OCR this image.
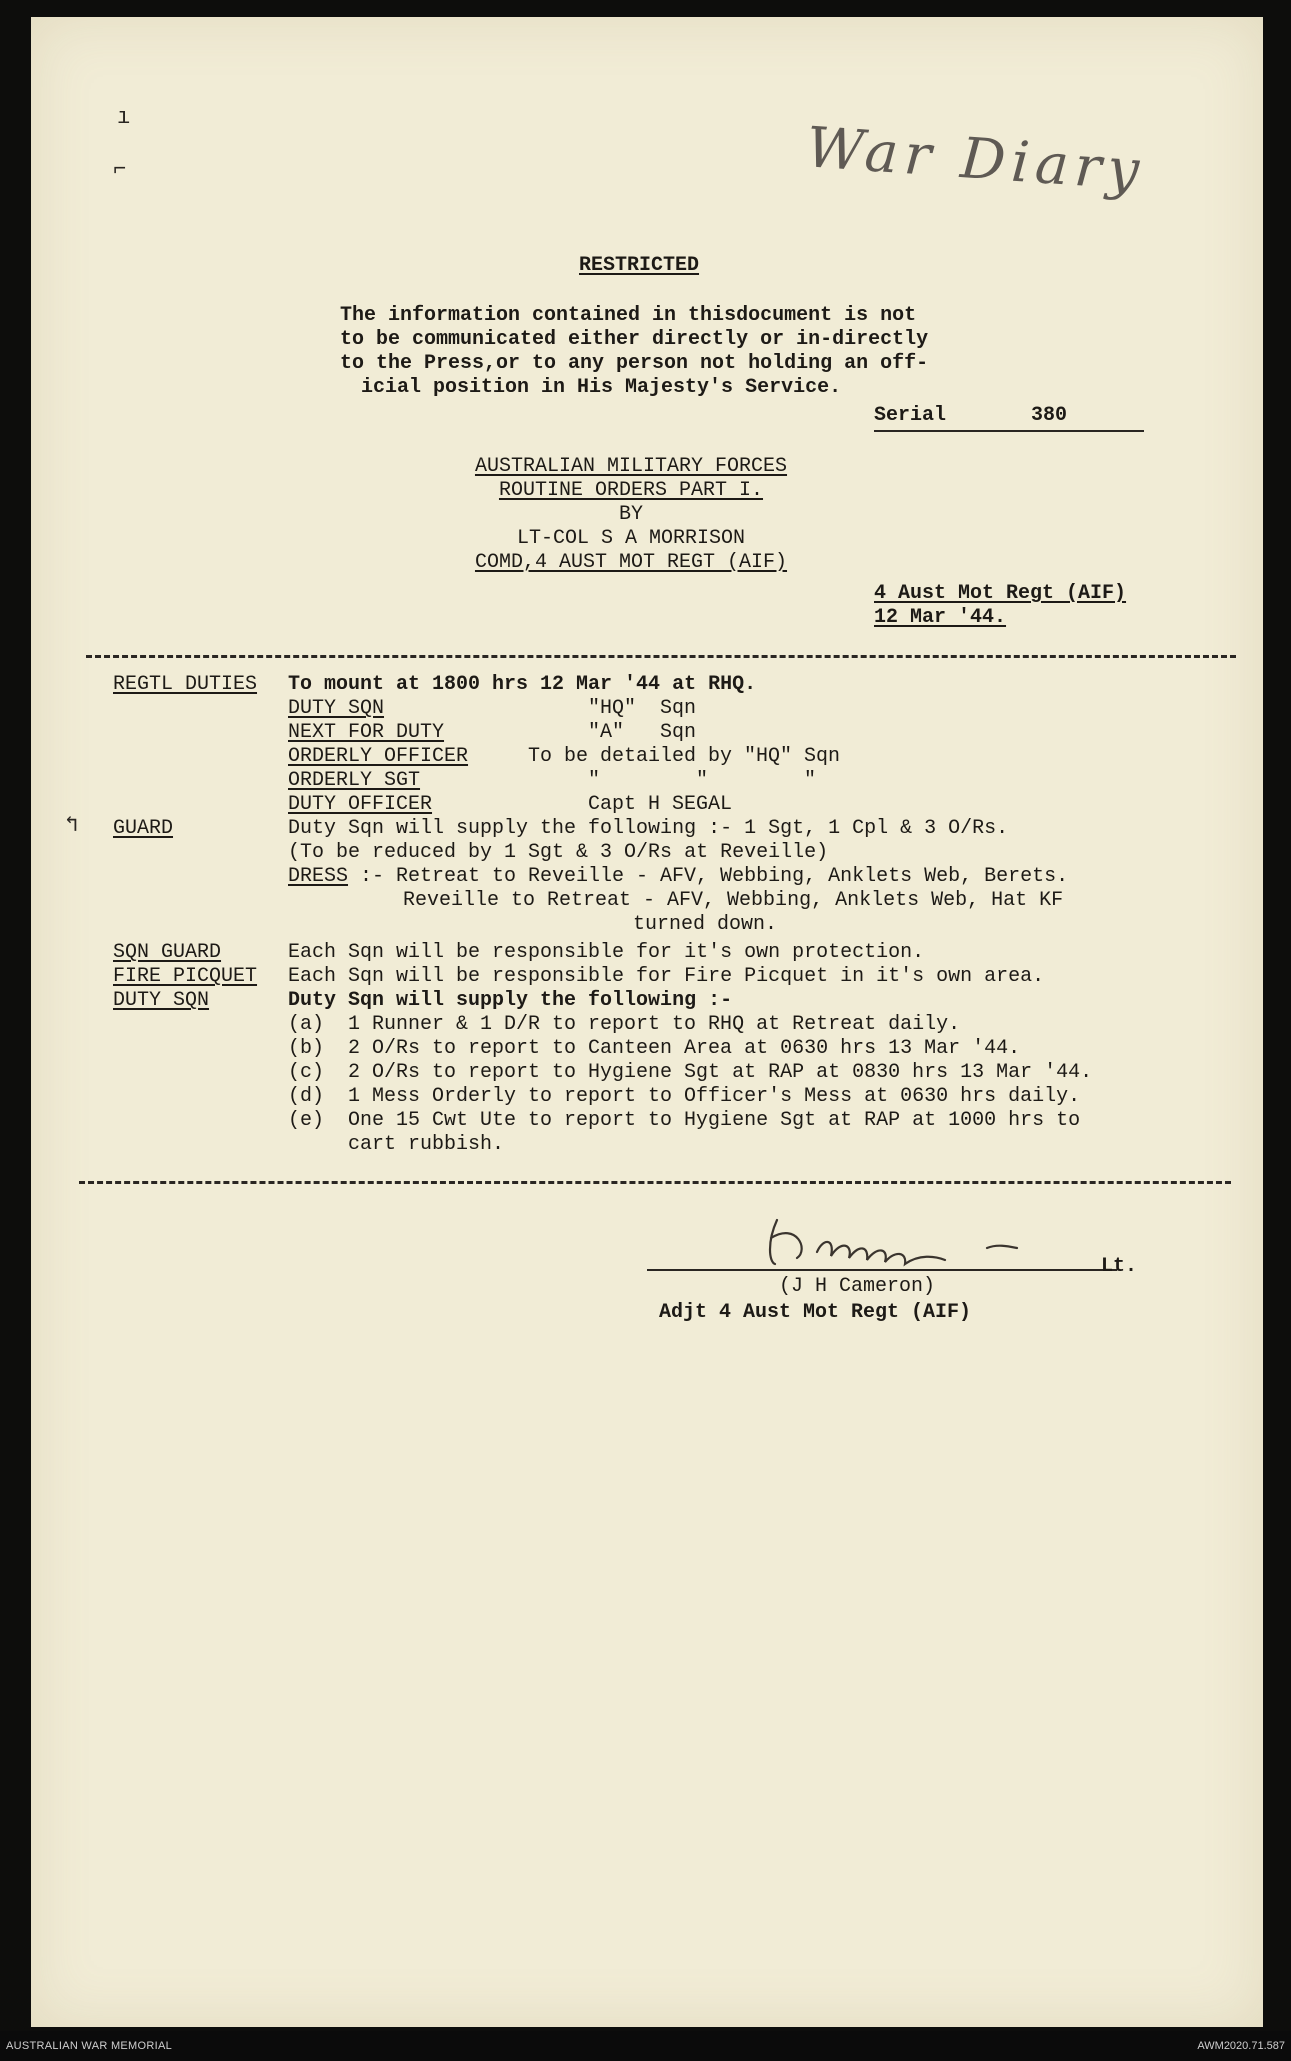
War Diary
ı
⌐
RESTRICTED
The information contained in thisdocument is not
to be communicated either directly or in-directly
to the Press,or to any person not holding an off-
icial position in His Majesty's Service.
Serial	380
AUSTRALIAN MILITARY FORCES
ROUTINE ORDERS PART I.
BY
LT-COL S A MORRISON
COMD,4 AUST MOT REGT (AIF)
4 Aust Mot Regt (AIF)
12 Mar '44.
REGTL DUTIES To mount at 1800 hrs 12 Mar '44 at RHQ.
DUTY SQN	"HQ"  Sqn
NEXT FOR DUTY	"A"   Sqn
ORDERLY OFFICER	To be detailed by "HQ" Sqn
ORDERLY SGT	"        "        "
DUTY OFFICER	Capt H SEGAL
↰ GUARD	Duty Sqn will supply the following :- 1 Sgt, 1 Cpl & 3 O/Rs.
(To be reduced by 1 Sgt & 3 O/Rs at Reveille)
DRESS :- Retreat to Reveille - AFV, Webbing, Anklets Web, Berets.
Reveille to Retreat - AFV, Webbing, Anklets Web, Hat KF
turned down.
SQN GUARD	Each Sqn will be responsible for it's own protection.
FIRE PICQUET Each Sqn will be responsible for Fire Picquet in it's own area.
DUTY SQN	Duty Sqn will supply the following :-
(a) 1 Runner & 1 D/R to report to RHQ at Retreat daily.
(b) 2 O/Rs to report to Canteen Area at 0630 hrs 13 Mar '44.
(c) 2 O/Rs to report to Hygiene Sgt at RAP at 0830 hrs 13 Mar '44.
(d) 1 Mess Orderly to report to Officer's Mess at 0630 hrs daily.
(e) One 15 Cwt Ute to report to Hygiene Sgt at RAP at 1000 hrs to
cart rubbish.
Lt.
(J H Cameron)
Adjt 4 Aust Mot Regt (AIF)
AUSTRALIAN WAR MEMORIAL	AWM2020.71.587
